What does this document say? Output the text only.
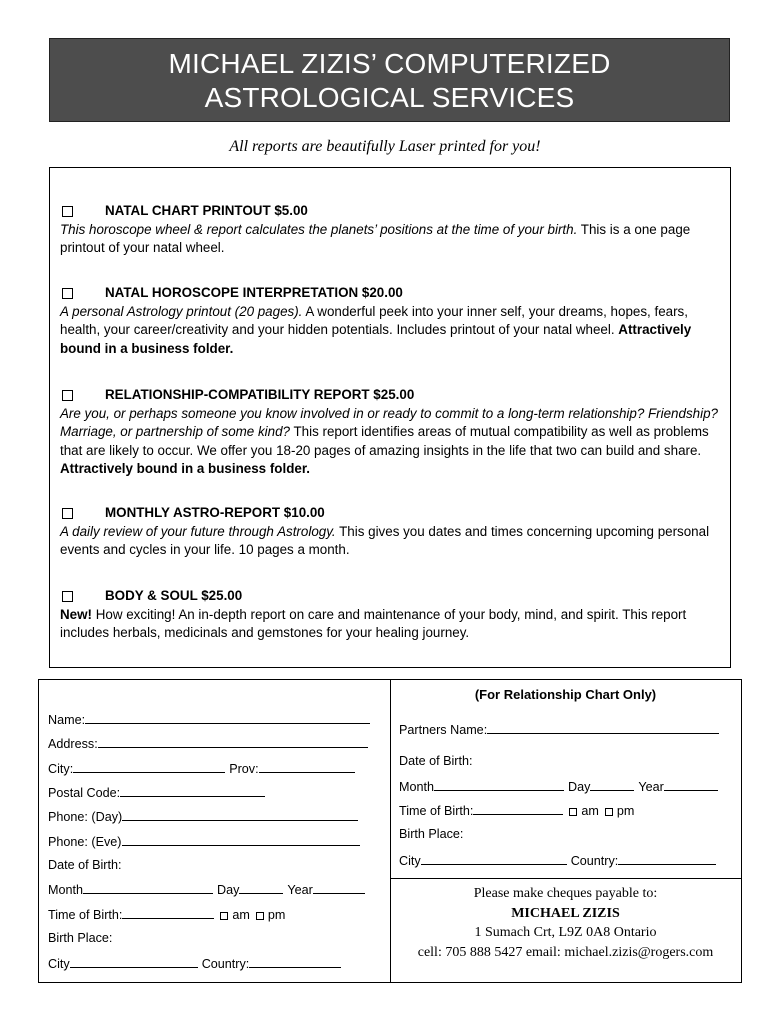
MICHAEL ZIZIS’ COMPUTERIZED
ASTROLOGICAL SERVICES
All reports are beautifully Laser printed for you!
NATAL CHART PRINTOUT $5.00

This horoscope wheel & report calculates the planets’ positions at the time of your birth. This is a one page printout of your natal wheel.

NATAL HOROSCOPE INTERPRETATION $20.00

A personal Astrology printout (20 pages). A wonderful peek into your inner self, your dreams, hopes, fears, health, your career/creativity and your hidden potentials. Includes printout of your natal wheel. Attractively bound in a business folder.

RELATIONSHIP-COMPATIBILITY REPORT $25.00

Are you, or perhaps someone you know involved in or ready to commit to a long-term relationship? Friendship? Marriage, or partnership of some kind? This report identifies areas of mutual compatibility as well as problems that are likely to occur. We offer you 18-20 pages of amazing insights in the life that two can build and share. Attractively bound in a business folder.

MONTHLY ASTRO-REPORT $10.00

A daily review of your future through Astrology. This gives you dates and times concerning upcoming personal events and cycles in your life. 10 pages a month.

BODY & SOUL $25.00

New! How exciting! An in-depth report on care and maintenance of your body, mind, and spirit. This report includes herbals, medicinals and gemstones for your healing journey.

Name:
Address:
City:	Prov:
Postal Code:
Phone: (Day)
Phone: (Eve)
Date of Birth:
Month	Day	Year
Time of Birth:	am pm
Birth Place:
City	Country:
(For Relationship Chart Only)
Partners Name:
Date of Birth:
Month	Day	Year
Time of Birth:	am pm
Birth Place:
City	Country:
Please make cheques payable to:
MICHAEL ZIZIS
1 Sumach Crt, L9Z 0A8 Ontario
cell: 705 888 5427 email: michael.zizis@rogers.com
